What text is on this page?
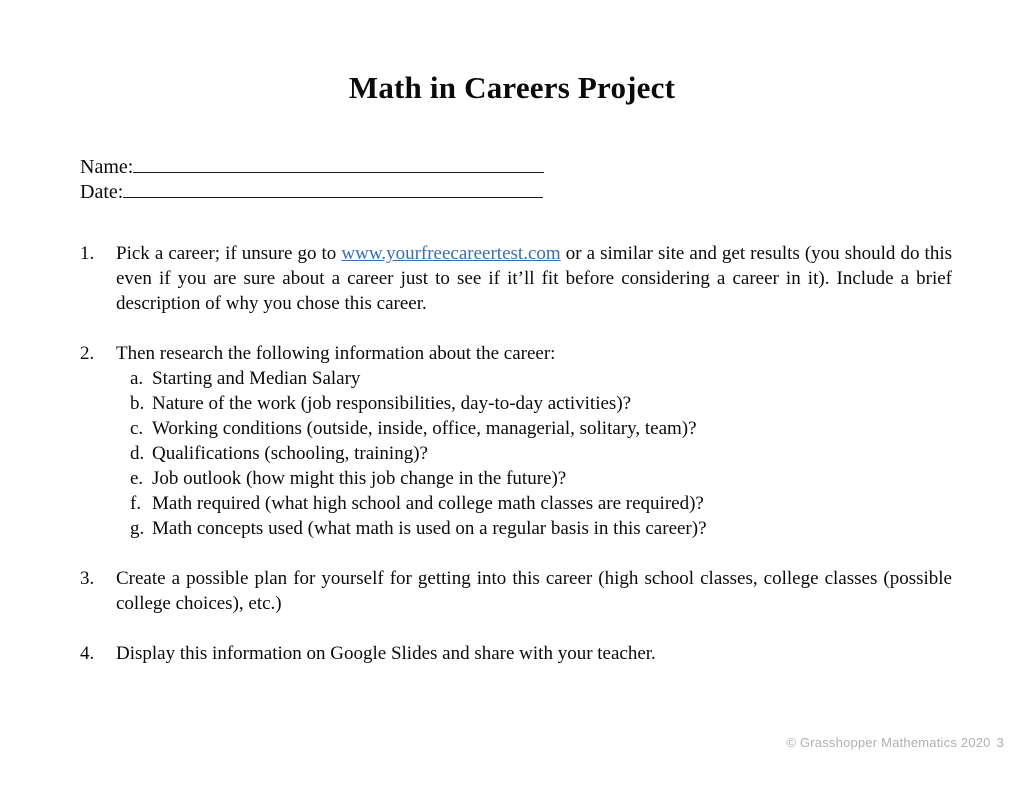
Math in Careers Project
Name:
Date:
1.	Pick a career; if unsure go to www.yourfreecareertest.com or a similar site and get results (you should do this even if you are sure about a career just to see if it’ll fit before considering a career in it). Include a brief description of why you chose this career.
2.	Then research the following information about the career:
a. Starting and Median Salary
b. Nature of the work (job responsibilities, day-to-day activities)?
c. Working conditions (outside, inside, office, managerial, solitary, team)?
d. Qualifications (schooling, training)?
e. Job outlook (how might this job change in the future)?
f. Math required (what high school and college math classes are required)?
g. Math concepts used (what math is used on a regular basis in this career)?
3.	Create a possible plan for yourself for getting into this career (high school classes, college classes (possible college choices), etc.)
4.	Display this information on Google Slides and share with your teacher.
© Grasshopper Mathematics 2020 3
